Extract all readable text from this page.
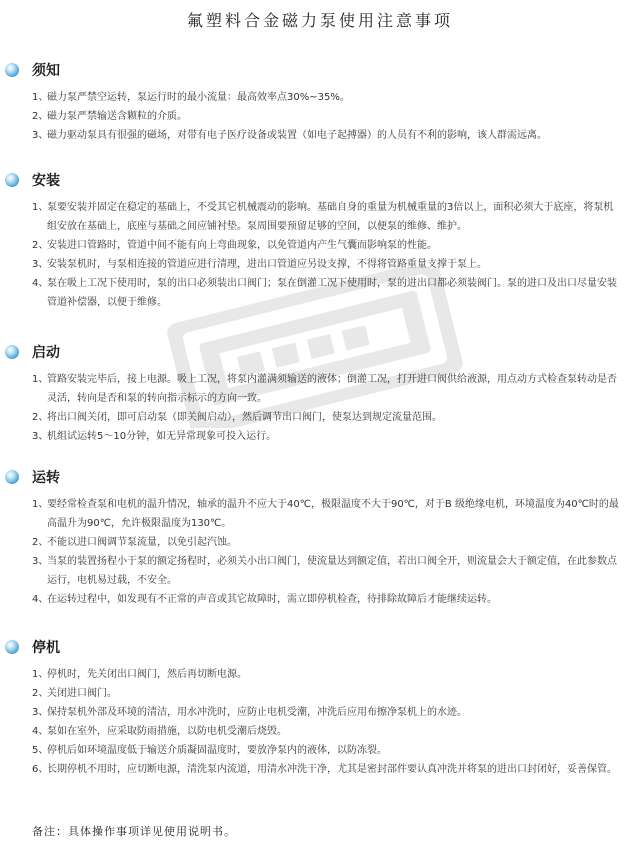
氟塑料合金磁力泵使用注意事项
须知
1、
磁力泵严禁空运转，泵运行时的最小流量：最高效率点30%~35%。
2、
磁力泵严禁输送含颗粒的介质。
3、
磁力驱动泵具有很强的磁场，对带有电子医疗设备或装置（如电子起搏器）的人员有不利的影响，该人群需远离。
安装
1、
泵要安装并固定在稳定的基础上，不受其它机械震动的影响。基础自身的重量为机械重量的3倍以上，面积必须大于底座，将泵机组安放在基础上，底座与基础之间应铺衬垫。泵周围要预留足够的空间，以便泵的维修、维护。
2、
安装进口管路时，管道中间不能有向上弯曲现象，以免管道内产生气囊而影响泵的性能。
3、
安装泵机时，与泵相连接的管道应进行清理，进出口管道应另设支撑，不得将管路重量支撑于泵上。
4、
泵在吸上工况下使用时，泵的出口必须装出口阀门；泵在倒灌工况下使用时，泵的进出口都必须装阀门。泵的进口及出口尽量安装管道补偿器，以便于维修。
启动
1、
管路安装完毕后，接上电源。吸上工况，将泵内灌满须输送的液体；倒灌工况，打开进口阀供给液源，用点动方式检查泵转动是否灵活，转向是否和泵的转向指示标示的方向一致。
2、
将出口阀关闭，即可启动泵（即关阀启动），然后调节出口阀门，使泵达到规定流量范围。
3、
机组试运转5～10分钟，如无异常现象可投入运行。
运转
1、
要经常检查泵和电机的温升情况，轴承的温升不应大于40℃，极限温度不大于90℃，对于B 级绝缘电机，环境温度为40℃时的最高温升为90℃，允许极限温度为130℃。
2、
不能以进口阀调节泵流量，以免引起汽蚀。
3、
当泵的装置扬程小于泵的额定扬程时，必须关小出口阀门，使流量达到额定值，若出口阀全开，则流量会大于额定值，在此参数点运行，电机易过载，不安全。
4、
在运转过程中，如发现有不正常的声音或其它故障时，需立即停机检查，待排除故障后才能继续运转。
停机
1、
停机时，先关闭出口阀门，然后再切断电源。
2、
关闭进口阀门。
3、
保持泵机外部及环境的清洁，用水冲洗时，应防止电机受潮，冲洗后应用布擦净泵机上的水迹。
4、
泵如在室外，应采取防雨措施，以防电机受潮后烧毁。
5、
停机后如环境温度低于输送介质凝固温度时，要放净泵内的液体，以防冻裂。
6、
长期停机不用时，应切断电源，清洗泵内流道，用清水冲洗干净，尤其是密封部件要认真冲洗并将泵的进出口封闭好，妥善保管。
备注：具体操作事项详见使用说明书。
